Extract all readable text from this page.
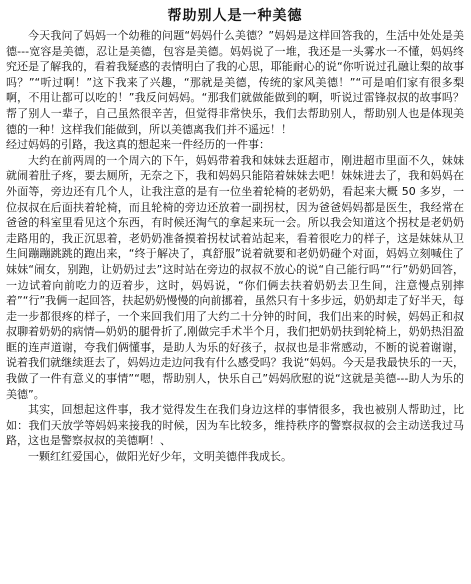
帮助别人是一种美德

今天我问了妈妈一个幼稚的问题“妈妈什么美德？”妈妈是这样回答我的，生活中处处是美德---宽容是美德，忍让是美德，包容是美德。妈妈说了一堆，我还是一头雾水一不懂，妈妈终究还是了解我的，看着我疑惑的表情明白了我的心思，耶能耐心的说“你听说过孔融让梨的故事吗？”“听过啊！”这下我来了兴趣，“那就是美德，传统的家风美德！”“可是咱们家有很多梨啊，不用让都可以吃的！”我反问妈妈。“那我们就做能做到的啊，听说过雷锋叔叔的故事吗？帮了别人一辈子，自己虽然很辛苦，但觉得非常快乐，我们去帮助别人，帮助别人也是体现美德的一种！这样我们能做到，所以美德离我们并不遥远！！

经过妈妈的引路，我这真的想起来一件经历的一件事：

大约在前两周的一个周六的下午，妈妈带着我和妹妹去逛超市，刚进超市里面不久，妹妹就闹着肚子疼，要去厕所，无奈之下，我和妈妈只能陪着妹妹去吧！妹妹进去了，我和妈妈在外面等，旁边还有几个人，让我注意的是有一位坐着轮椅的老奶奶，看起来大概 50 多岁，一位叔叔在后面扶着轮椅，而且轮椅的旁边还放着一副拐杖，因为爸爸妈妈都是医生，我经常在爸爸的科室里看见这个东西，有时候还淘气的拿起来玩一会。所以我会知道这个拐杖是老奶奶走路用的，我正沉思着，老奶奶准备摸着拐杖试着站起来，看着很吃力的样子，这是妹妹从卫生间蹦蹦跳跳的跑出来，“终于解决了，真舒服”说着就要和老奶奶碰个对面，妈妈立刻喊住了妹妹“闹女，别跑，让奶奶过去”这时站在旁边的叔叔不放心的说“自己能行吗”“行”奶奶回答，一边试着向前吃力的迈着步，这时，妈妈说，“你们俩去扶着奶奶去卫生间，注意慢点别摔着”“行”我俩一起回答，扶起奶奶慢慢的向前挪着，虽然只有十多步远，奶奶却走了好半天，每走一步都很疼的样子，一个来回我们用了大约二十分钟的时间，我们出来的时候，妈妈正和叔叔聊着奶奶的病情—奶奶的腿骨折了,刚做完手术半个月，我们把奶奶扶到轮椅上，奶奶热泪盈眶的连声道谢，夸我们俩懂事，是助人为乐的好孩子，叔叔也是非常感动，不断的说着谢谢，说着我们就继续逛去了，妈妈边走边问我有什么感受吗？我说“妈妈。今天是我最快乐的一天，我做了一件有意义的事情”“嗯，帮助别人，快乐自己”妈妈欣慰的说“这就是美德---助人为乐的美德”。

其实，回想起这件事，我才觉得发生在我们身边这样的事情很多，我也被别人帮助过，比如：我们天放学等妈妈来接我的时候，因为车比较多，维持秩序的警察叔叔的会主动送我过马路，这也是警察叔叔的美德啊！、

一颗红红爱国心，做阳光好少年，文明美德伴我成长。
